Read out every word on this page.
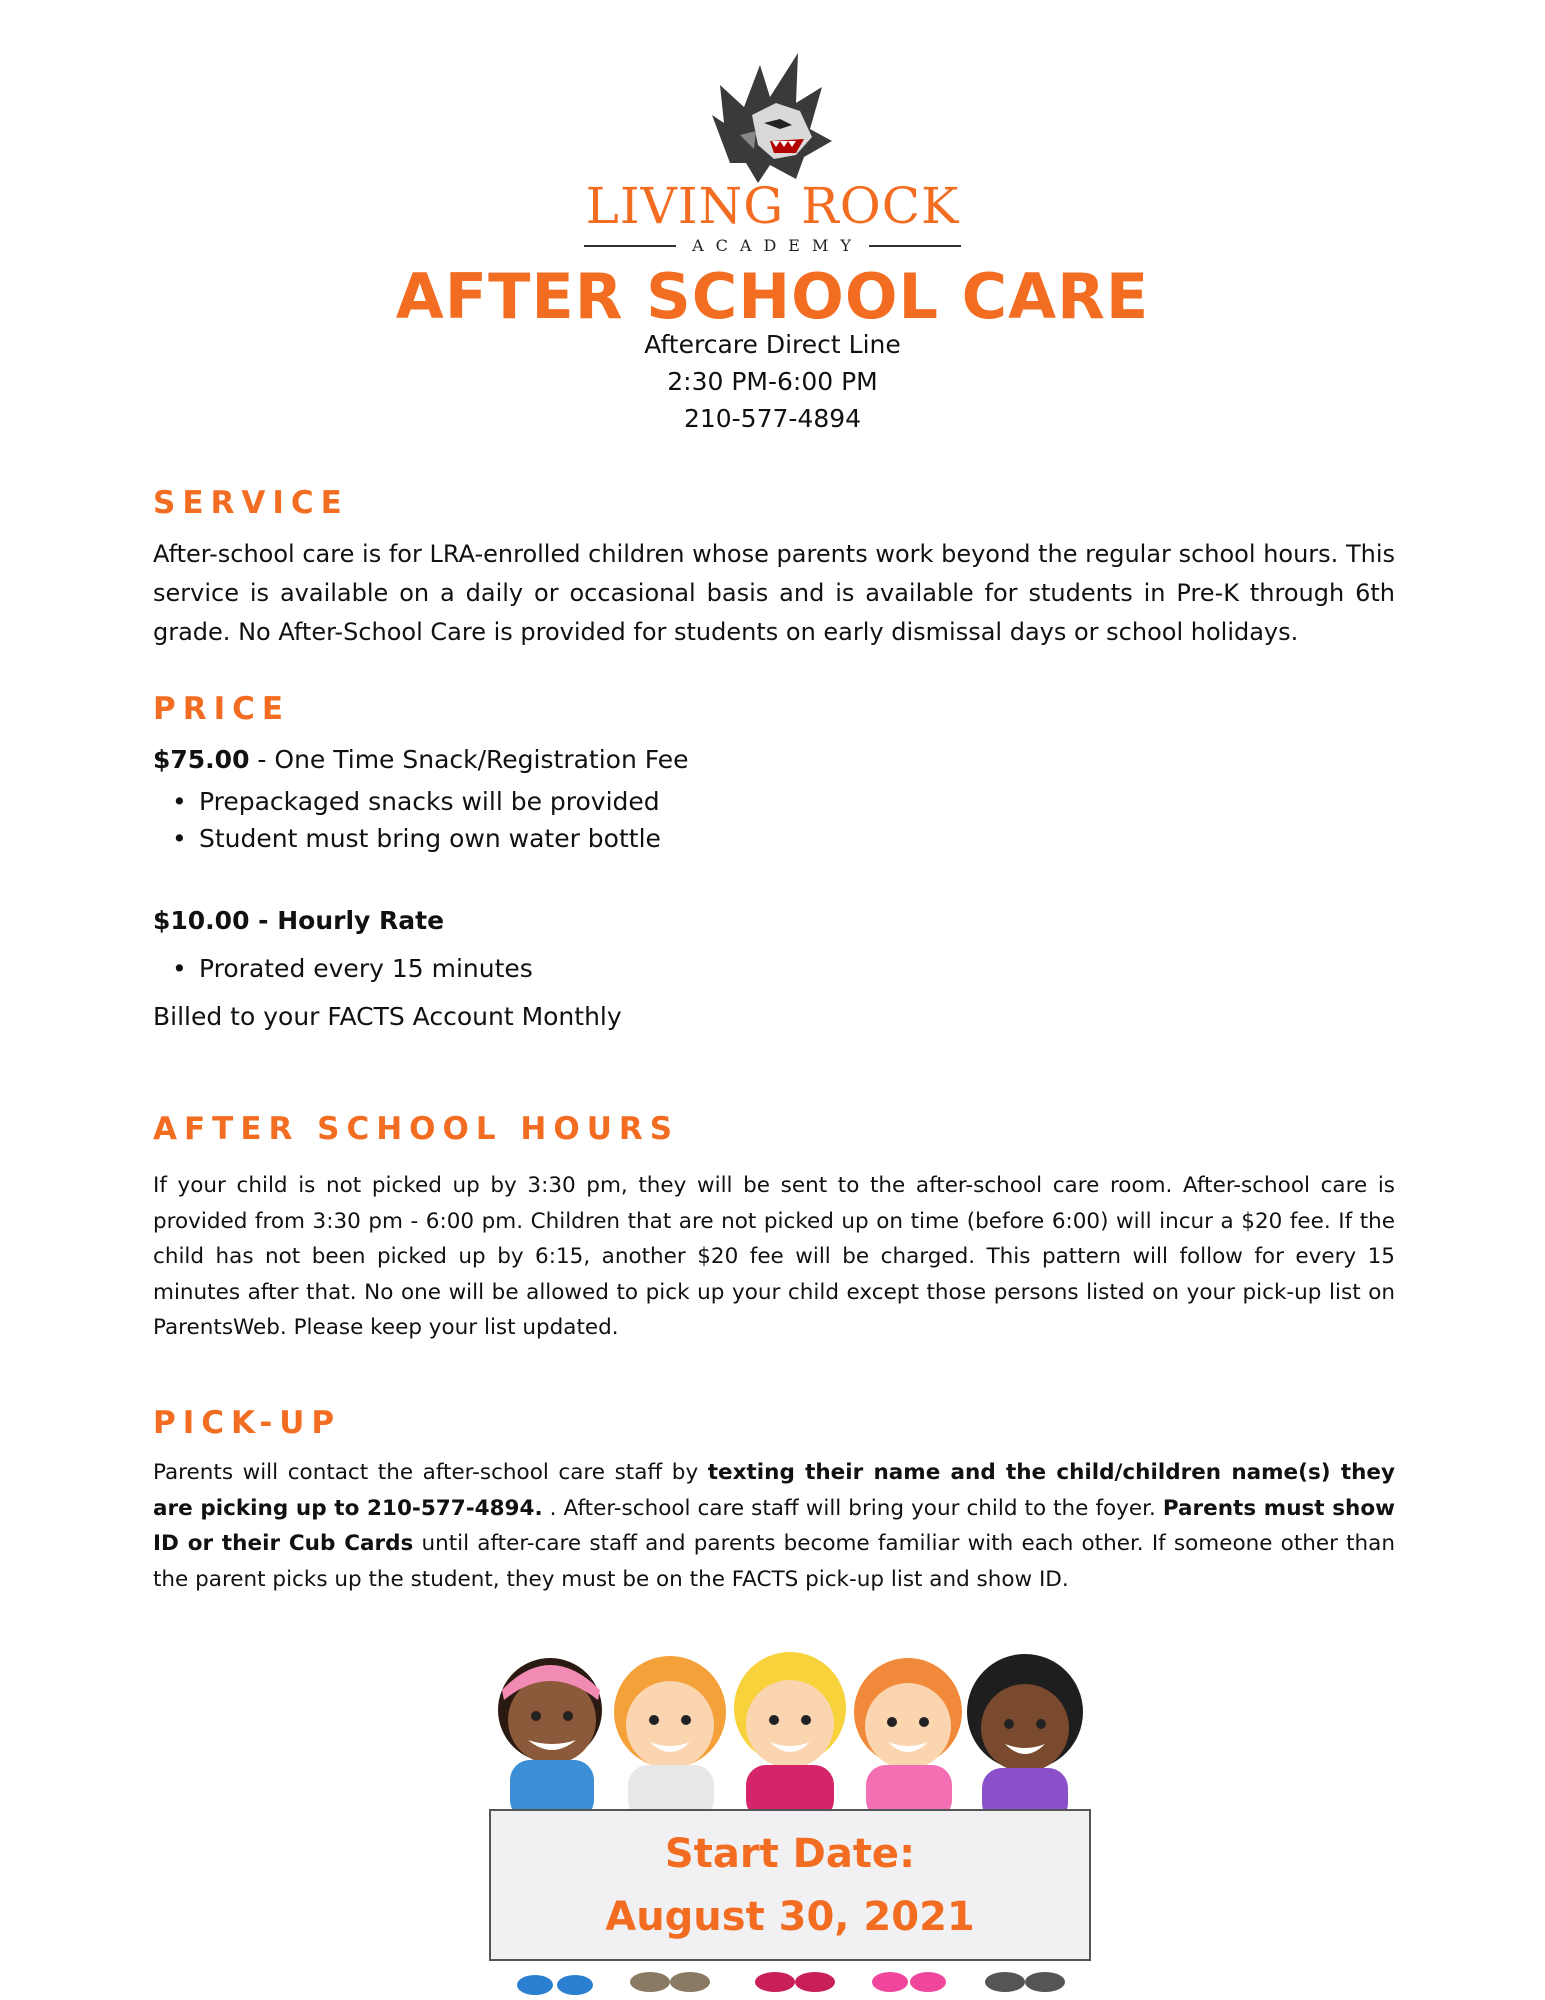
LIVING ROCK
ACADEMY
AFTER SCHOOL CARE
Aftercare Direct Line
2:30 PM-6:00 PM
210-577-4894
SERVICE
After-school care is for LRA-enrolled children whose parents work beyond the regular school hours. This service is available on a daily or occasional basis and is available for students in Pre-K through 6th grade. No After-School Care is provided for students on early dismissal days or school holidays.
PRICE
$75.00 - One Time Snack/Registration Fee
• Prepackaged snacks will be provided
• Student must bring own water bottle
$10.00 - Hourly Rate
• Prorated every 15 minutes
Billed to your FACTS Account Monthly
AFTER SCHOOL HOURS
If your child is not picked up by 3:30 pm, they will be sent to the after-school care room. After-school care is provided from 3:30 pm - 6:00 pm. Children that are not picked up on time (before 6:00) will incur a $20 fee. If the child has not been picked up by 6:15, another $20 fee will be charged. This pattern will follow for every 15 minutes after that. No one will be allowed to pick up your child except those persons listed on your pick-up list on ParentsWeb. Please keep your list updated.
PICK-UP
Parents will contact the after-school care staff by texting their name and the child/children name(s) they are picking up to 210-577-4894. . After-school care staff will bring your child to the foyer. Parents must show ID or their Cub Cards until after-care staff and parents become familiar with each other. If someone other than the parent picks up the student, they must be on the FACTS pick-up list and show ID.
Start Date:
August 30, 2021
